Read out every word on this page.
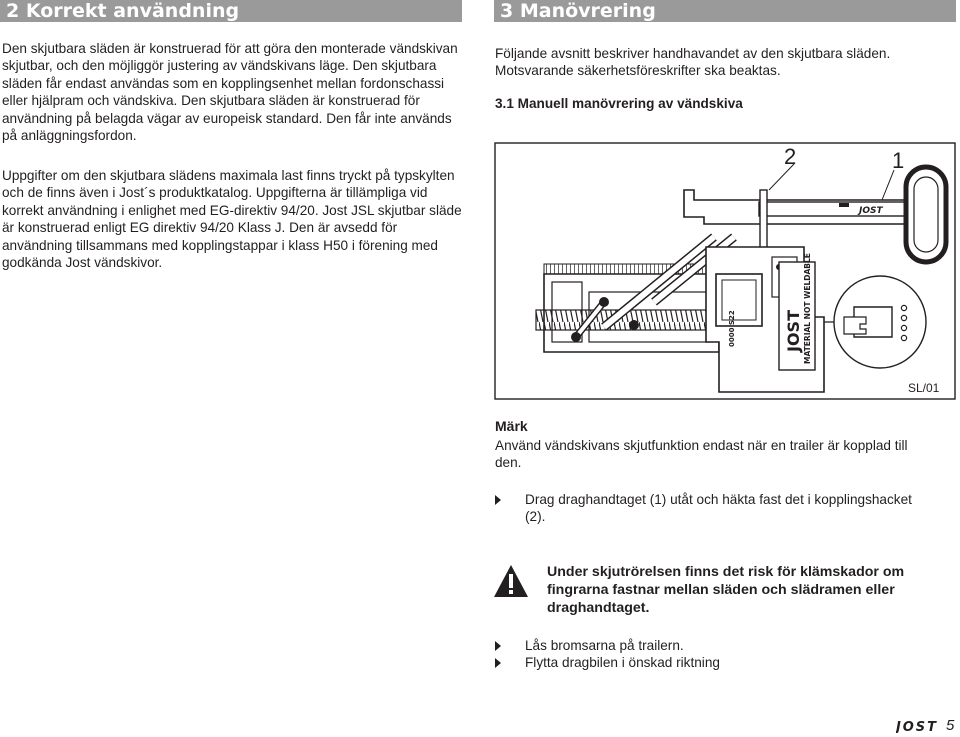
2 Korrekt användning	3 Manövrering

Den skjutbara släden är konstruerad för att göra den monterade vändskivan skjutbar, och den möjliggör justering av vändskivans läge. Den skjutbara släden får endast användas som en kopplingsenhet mellan fordonschassi eller hjälpram och vändskiva. Den skjutbara släden är konstruerad för användning på belagda vägar av europeisk standard. Den får inte används på anläggningsfordon.

Uppgifter om den skjutbara slädens maximala last finns tryckt på typskylten och de finns även i Jost´s produktkatalog. Uppgifterna är tillämpliga vid korrekt användning i enlighet med EG-direktiv 94/20. Jost JSL skjutbar släde är konstruerad enligt EG direktiv 94/20 Klass J. Den är avsedd för användning tillsammans med kopplingstappar i klass H50 i förening med godkända Jost vändskivor.

Följande avsnitt beskriver handhavandet av den skjutbara släden. Motsvarande säkerhetsföreskrifter ska beaktas.

3.1 Manuell manövrering av vändskiva

JOST
MATERIAL NOT WELDABLE
JOST
0000 S22
2	1
SL/01

Märk

Använd vändskivans skjutfunktion endast när en trailer är kopplad till den.

Drag draghandtaget (1) utåt och häkta fast det i kopplingshacket (2).

Under skjutrörelsen finns det risk för klämskador om fingrarna fastnar mellan släden och slädramen eller draghandtaget.

Lås bromsarna på trailern.
Flytta dragbilen i önskad riktning
JOST 5
